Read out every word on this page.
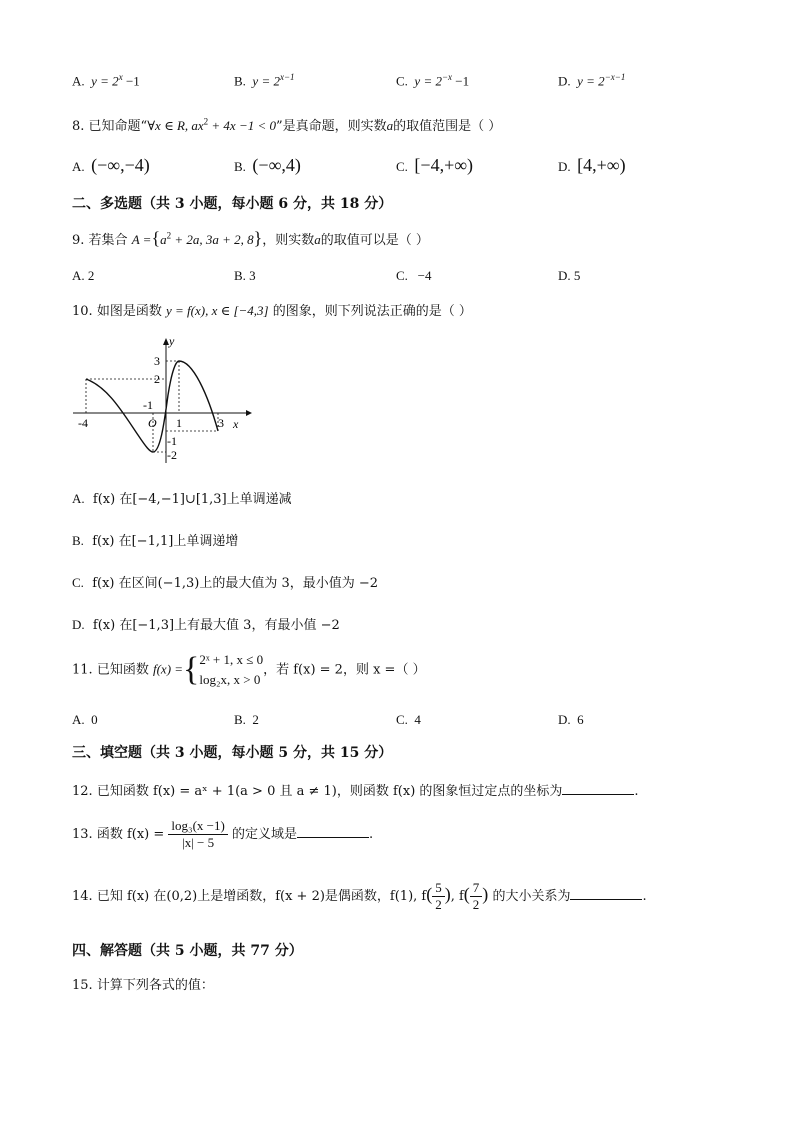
A. $y = 2^x -1$	B. $y = 2^{x-1}$	C. $y = 2^{-x} -1$	D. $y = 2^{-x-1}$
8. 已知命题“∀x ∈ R, $ax^2 + 4x -1 < 0$”是真命题，则实数a的取值范围是（ ）
A. (−∞,−4)	B. (−∞,4)	C. [−4,+∞)	D. [4,+∞)
二、多选题（共 3 小题，每小题 6 分，共 18 分）
9. 若集合 $A =\{a^2 + 2a$, 3a + 2, 8}，则实数a的取值可以是（ ）
A. 2	B. 3	C. −4	D. 5
10. 如图是函数 y = f(x), x ∈ [−4,3] 的图象，则下列说法正确的是（ ）
y
x
O
3
2
-1
-2
-1
-4	1	3
A. f(x) 在[−4,−1]∪[1,3]上单调递减
B. f(x) 在[−1,1]上单调递增
C. f(x) 在区间(−1,3)上的最大值为 3，最小值为 −2
D. f(x) 在[−1,3]上有最大值 3，有最小值 −2
11. 已知函数 f(x) ={ 2ˣ + 1, x ≤ 0
log₂x, x > 0
，若 f(x) = 2，则 x =（ ）
A. 0	B. 2	C. 4	D. 6
三、填空题（共 3 小题，每小题 5 分，共 15 分）
12. 已知函数 f(x) = aˣ + 1(a > 0 且 a ≠ 1)，则函数 f(x) 的图象恒过定点的坐标为	.
13. 函数 $f(x) = \frac{\text{log₃(x −1)}}{|x| - 5}$ 的定义域是	.
14. 已知 f(x) 在(0,2)上是增函数，f(x + 2)是偶函数，f(1), $f( \frac{5}{2}$ ), $f( \frac{7}{2}$ ) 的大小关系为	.
四、解答题（共 5 小题，共 77 分）
15. 计算下列各式的值：
